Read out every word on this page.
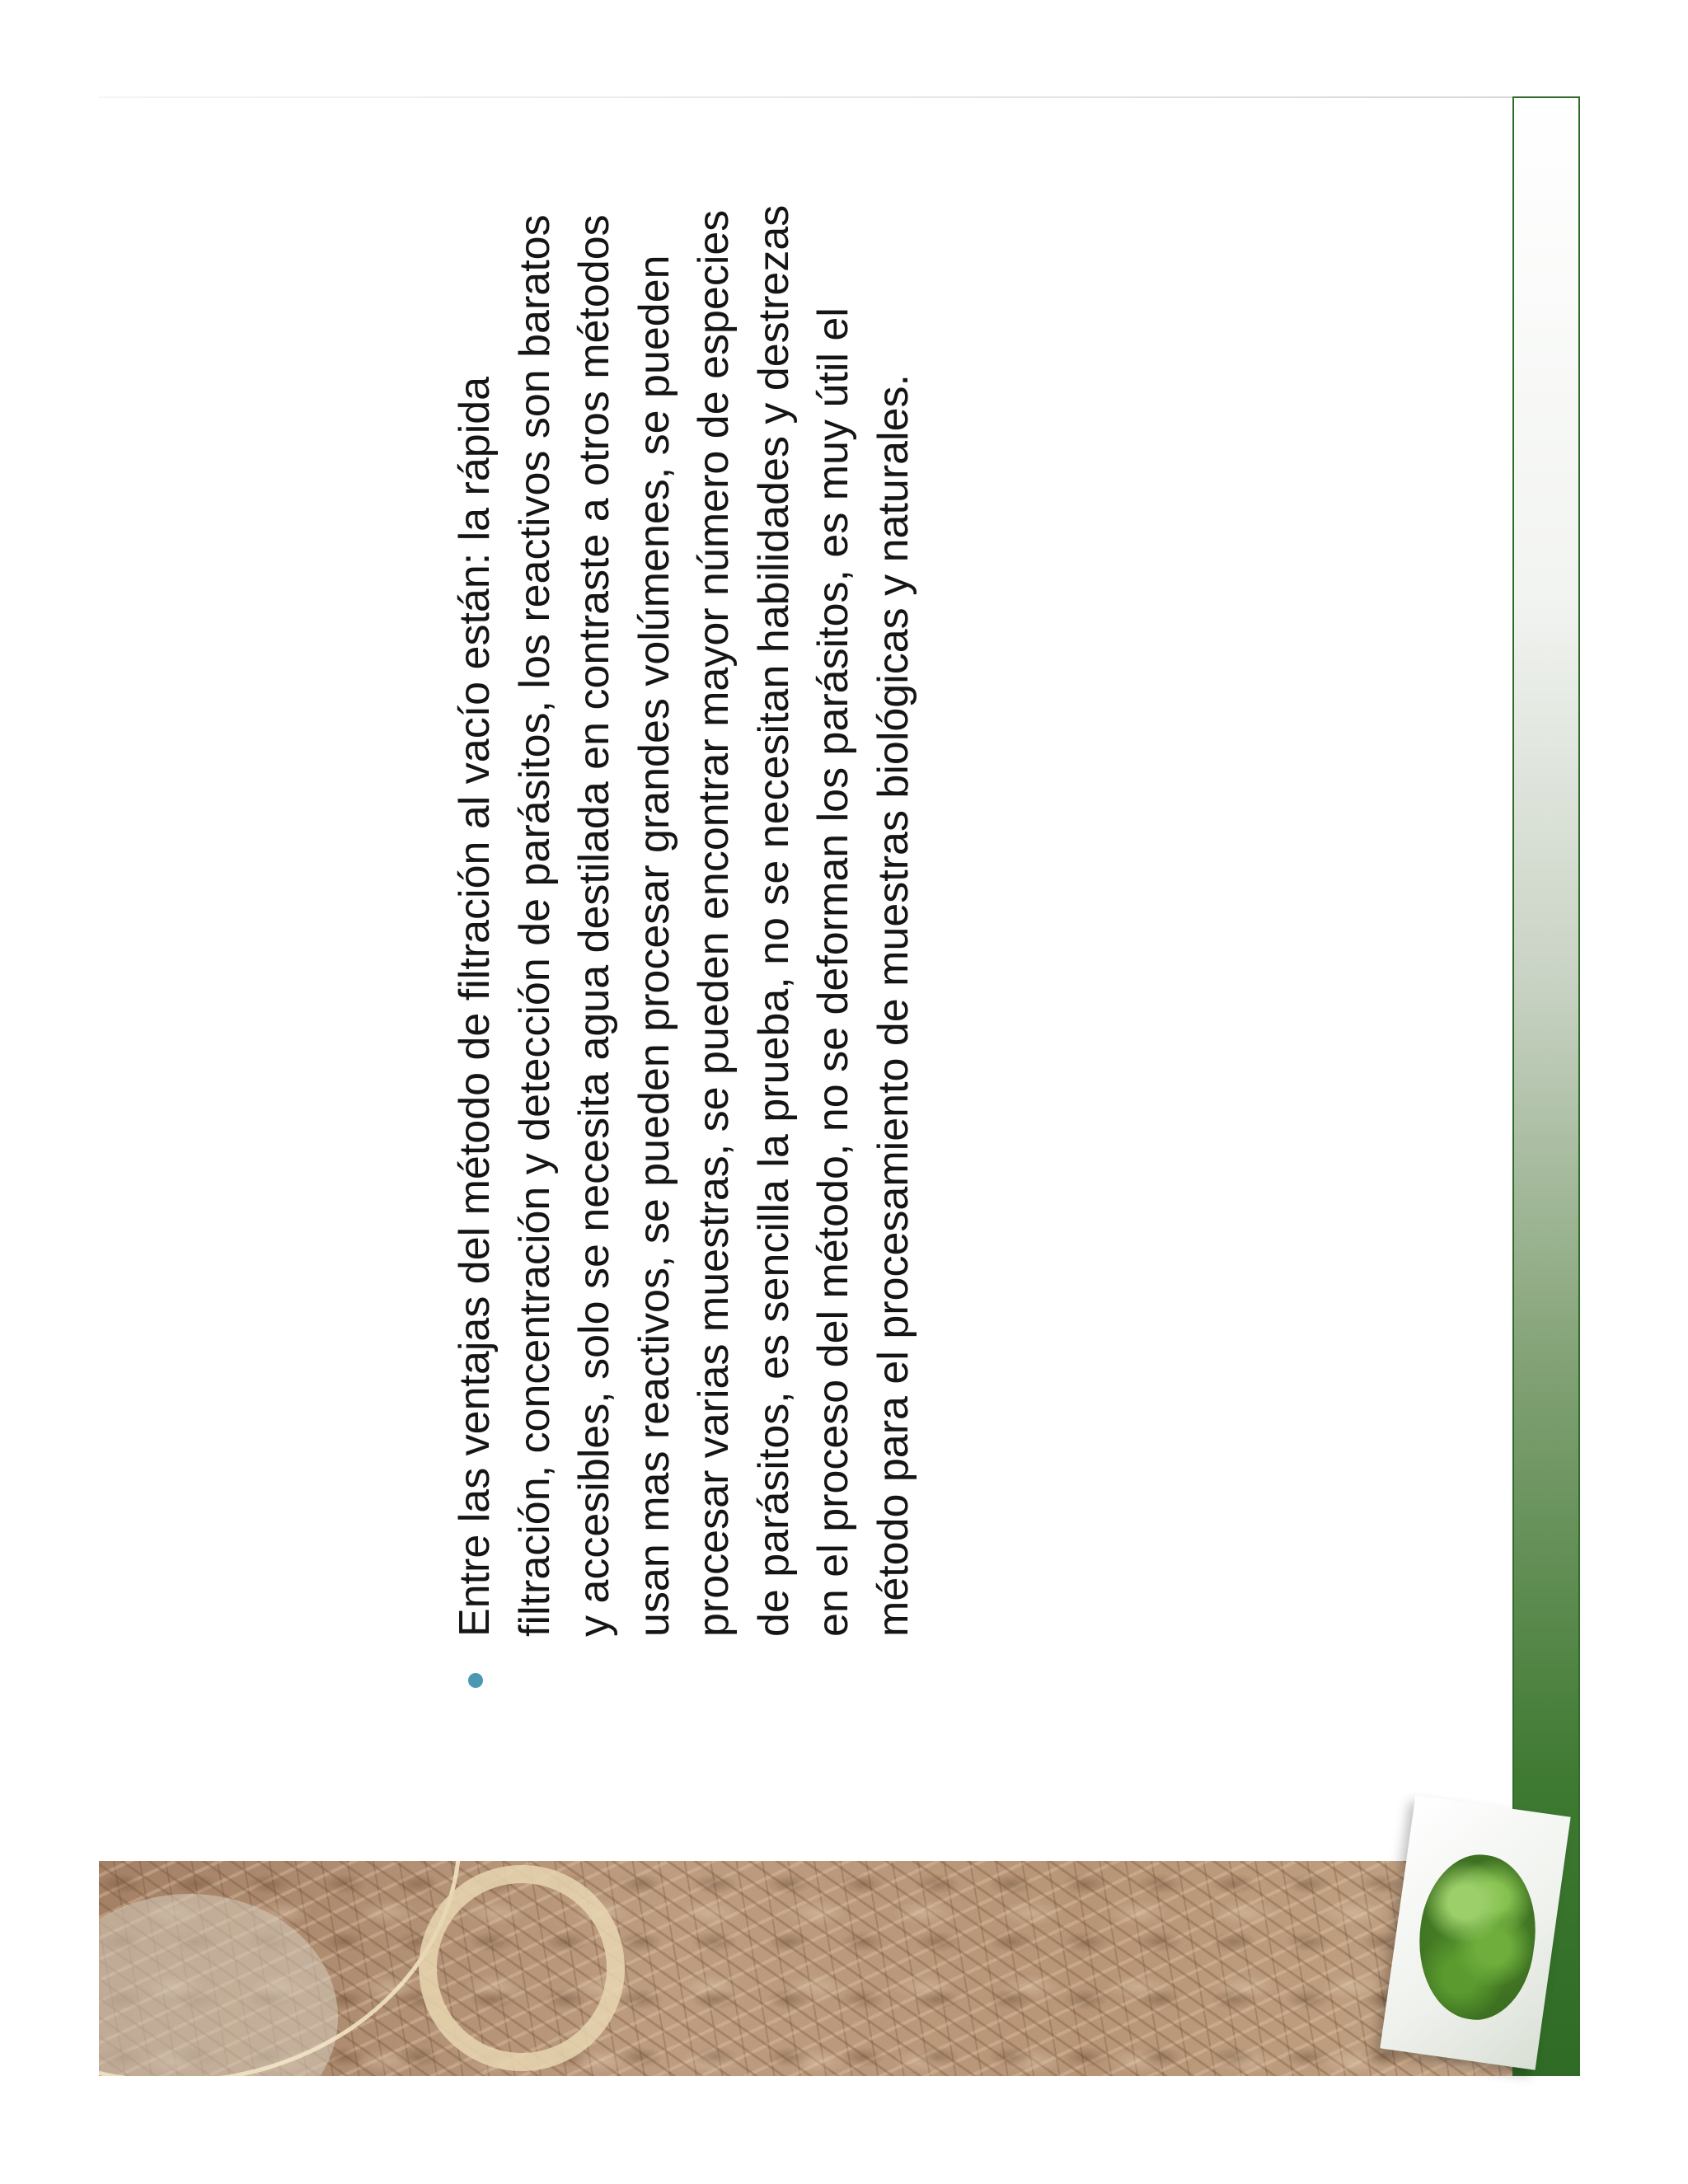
Entre las ventajas del método de filtración al vacío están: la rápida filtración, concentración y detección de parásitos, los reactivos son baratos y accesibles, solo se necesita agua destilada en contraste a otros métodos usan mas reactivos, se pueden procesar grandes volúmenes, se pueden procesar varias muestras, se pueden encontrar mayor número de especies de parásitos, es sencilla la prueba, no se necesitan habilidades y destrezas en el proceso del método, no se deforman los parásitos, es muy útil el método para el procesamiento de muestras biológicas y naturales.
